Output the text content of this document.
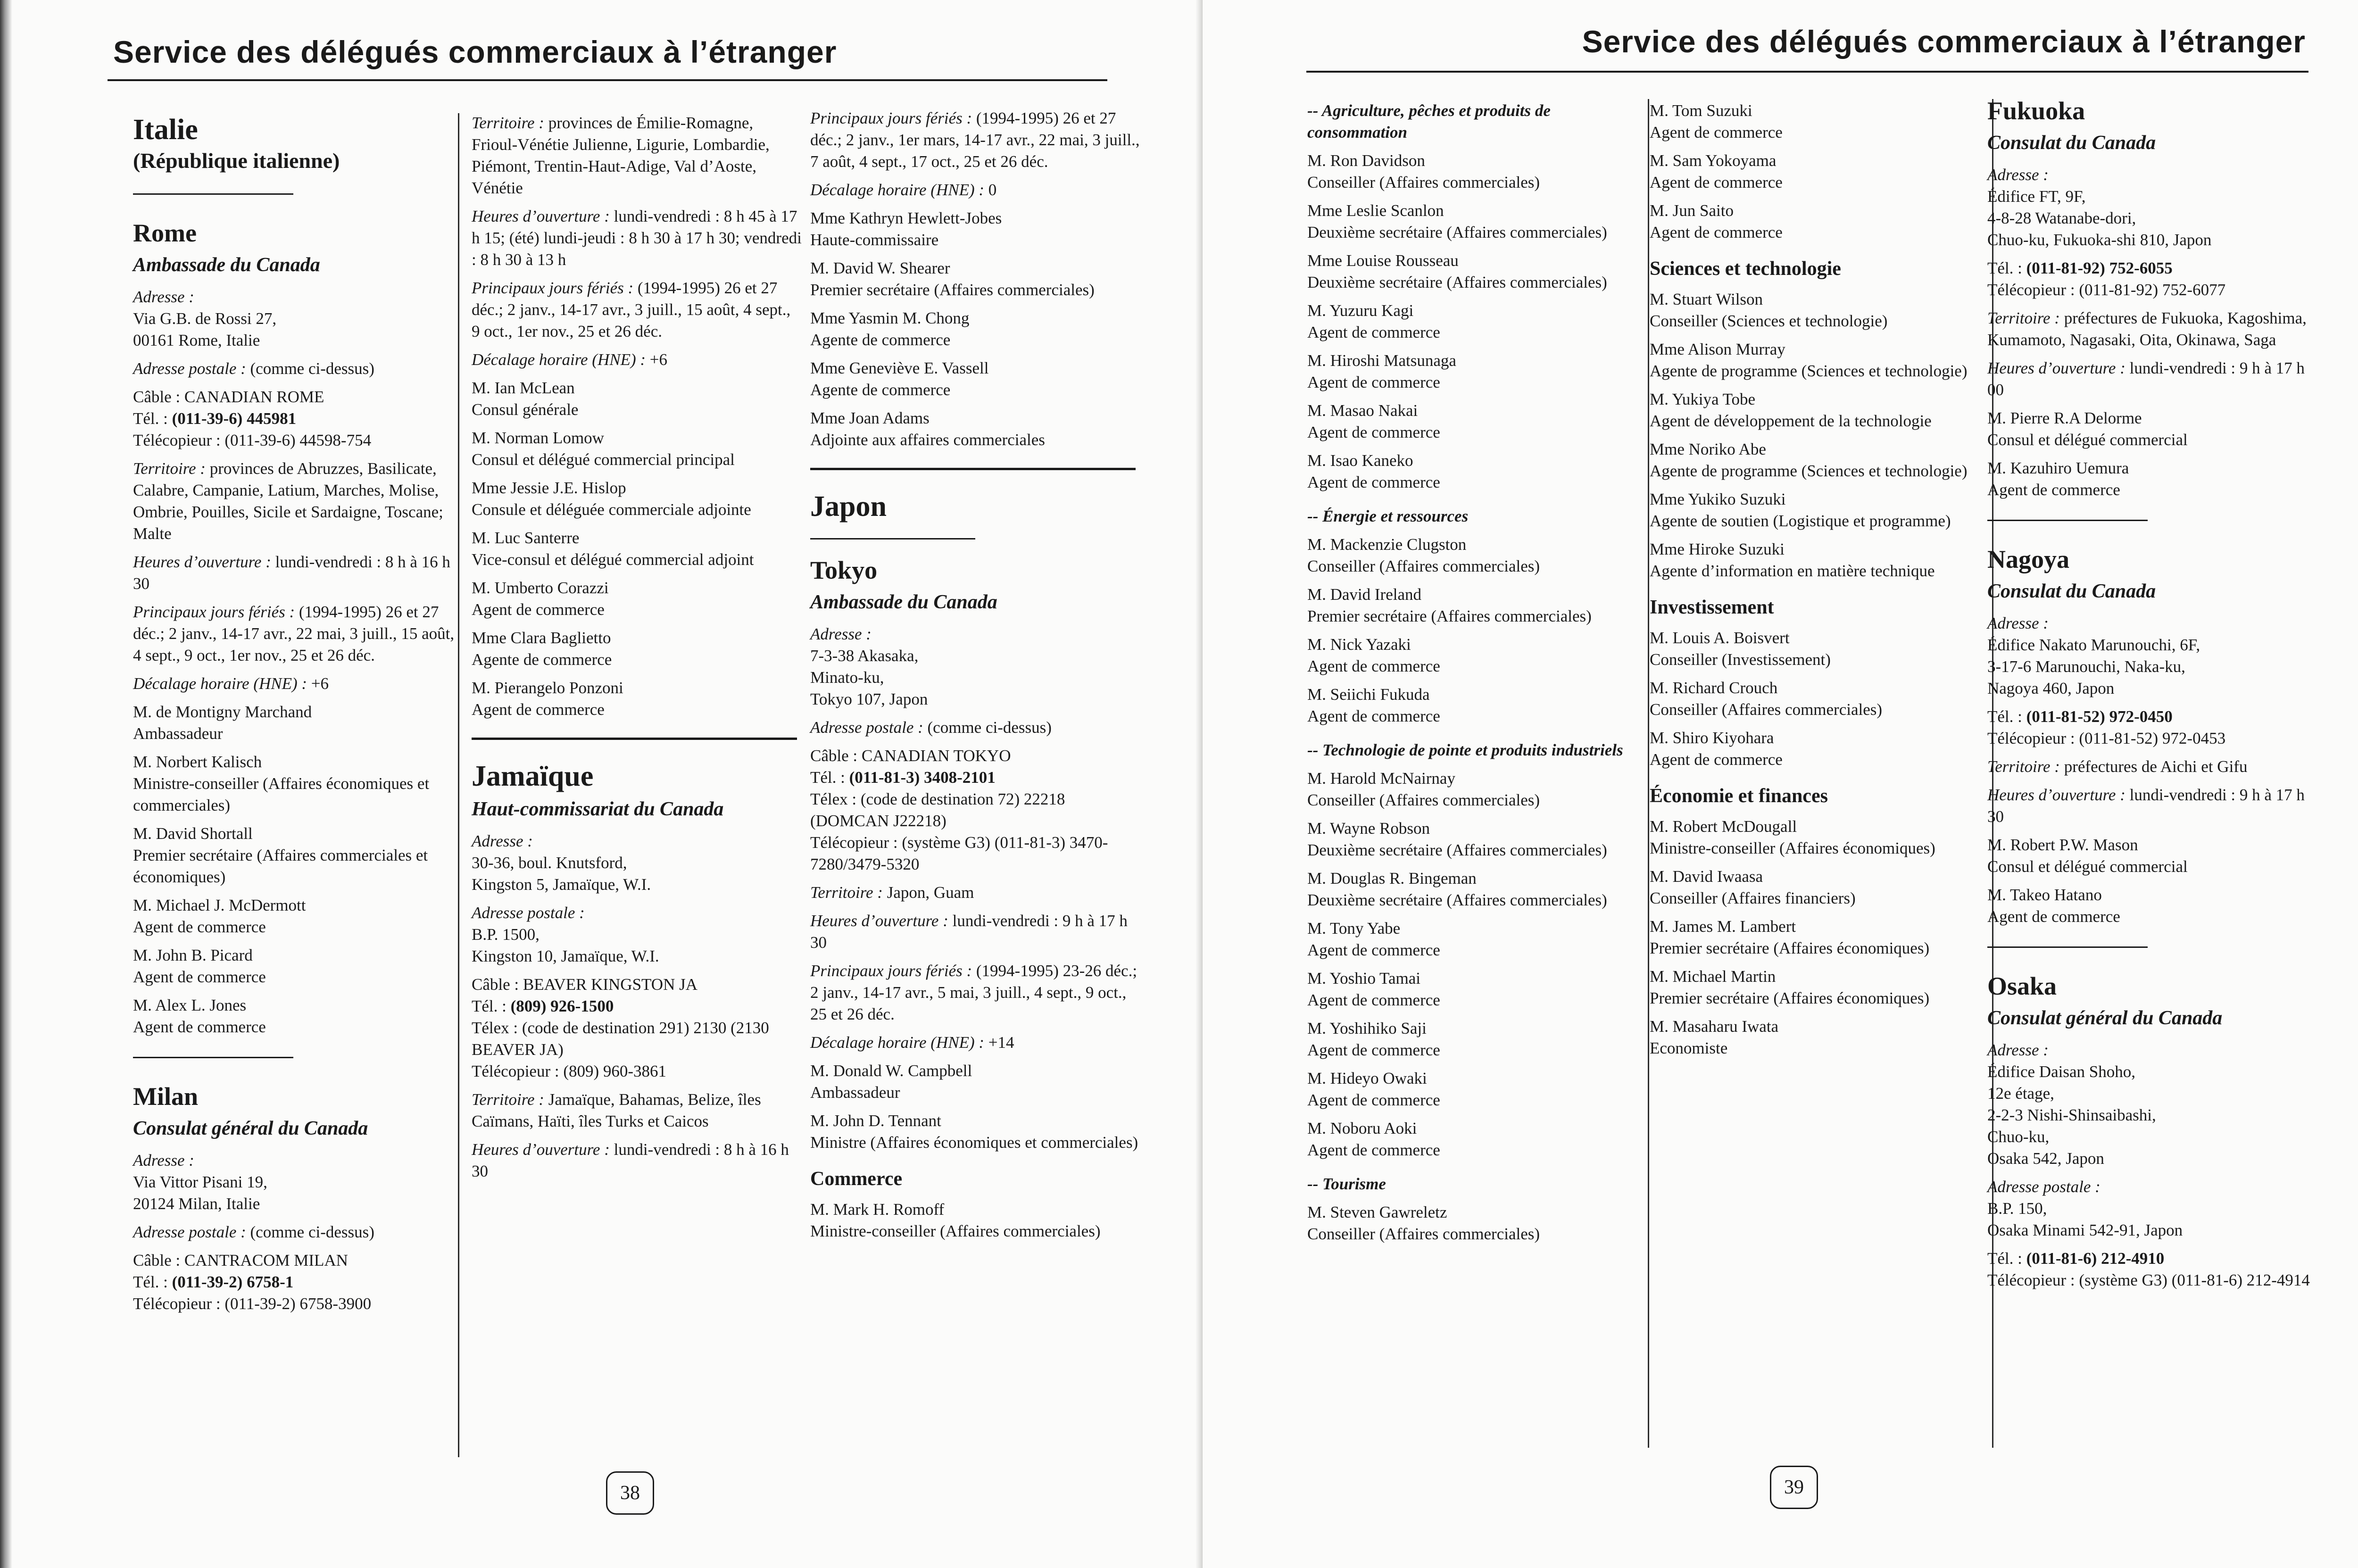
Service des délégués commerciaux à l’étranger
Italie
(République italienne)
Rome
Ambassade du Canada
Adresse :
Via G.B. de Rossi 27,
00161 Rome, Italie
Adresse postale : (comme ci-dessus)
Câble : CANADIAN ROME
Tél. : (011-39-6) 445981
Télécopieur : (011-39-6) 44598-754
Territoire : provinces de Abruzzes, Basilicate, Calabre, Campanie, Latium, Marches, Molise, Ombrie, Pouilles, Sicile et Sardaigne, Toscane; Malte
Heures d’ouverture : lundi-vendredi : 8 h à 16 h 30
Principaux jours fériés : (1994-1995) 26 et 27 déc.; 2 janv., 14-17 avr., 22 mai, 3 juill., 15 août, 4 sept., 9 oct., 1er nov., 25 et 26 déc.
Décalage horaire (HNE) : +6
M. de Montigny Marchand
Ambassadeur
M. Norbert Kalisch
Ministre-conseiller (Affaires économiques et commerciales)
M. David Shortall
Premier secrétaire (Affaires commerciales et économiques)
M. Michael J. McDermott
Agent de commerce
M. John B. Picard
Agent de commerce
M. Alex L. Jones
Agent de commerce
Milan
Consulat général du Canada
Adresse :
Via Vittor Pisani 19,
20124 Milan, Italie
Adresse postale : (comme ci-dessus)
Câble : CANTRACOM MILAN
Tél. : (011-39-2) 6758-1
Télécopieur : (011-39-2) 6758-3900
Territoire : provinces de Émilie-Romagne, Frioul-Vénétie Julienne, Ligurie, Lombardie, Piémont, Trentin-Haut-Adige, Val d’Aoste, Vénétie
Heures d’ouverture : lundi-vendredi : 8 h 45 à 17 h 15; (été) lundi-jeudi : 8 h 30 à 17 h 30; vendredi : 8 h 30 à 13 h
Principaux jours fériés : (1994-1995) 26 et 27 déc.; 2 janv., 14-17 avr., 3 juill., 15 août, 4 sept., 9 oct., 1er nov., 25 et 26 déc.
Décalage horaire (HNE) : +6
M. Ian McLean
Consul générale
M. Norman Lomow
Consul et délégué commercial principal
Mme Jessie J.E. Hislop
Consule et déléguée commerciale adjointe
M. Luc Santerre
Vice-consul et délégué commercial adjoint
M. Umberto Corazzi
Agent de commerce
Mme Clara Baglietto
Agente de commerce
M. Pierangelo Ponzoni
Agent de commerce
Jamaïque
Haut-commissariat du Canada
Adresse :
30-36, boul. Knutsford,
Kingston 5, Jamaïque, W.I.
Adresse postale :
B.P. 1500,
Kingston 10, Jamaïque, W.I.
Câble : BEAVER KINGSTON JA
Tél. : (809) 926-1500
Télex : (code de destination 291) 2130 (2130 BEAVER JA)
Télécopieur : (809) 960-3861
Territoire : Jamaïque, Bahamas, Belize, îles Caïmans, Haïti, îles Turks et Caicos
Heures d’ouverture : lundi-vendredi : 8 h à 16 h 30
Principaux jours fériés : (1994-1995) 26 et 27 déc.; 2 janv., 1er mars, 14-17 avr., 22 mai, 3 juill., 7 août, 4 sept., 17 oct., 25 et 26 déc.
Décalage horaire (HNE) : 0
Mme Kathryn Hewlett-Jobes
Haute-commissaire
M. David W. Shearer
Premier secrétaire (Affaires commerciales)
Mme Yasmin M. Chong
Agente de commerce
Mme Geneviève E. Vassell
Agente de commerce
Mme Joan Adams
Adjointe aux affaires commerciales
Japon
Tokyo
Ambassade du Canada
Adresse :
7-3-38 Akasaka,
Minato-ku,
Tokyo 107, Japon
Adresse postale : (comme ci-dessus)
Câble : CANADIAN TOKYO
Tél. : (011-81-3) 3408-2101
Télex : (code de destination 72) 22218 (DOMCAN J22218)
Télécopieur : (système G3) (011-81-3) 3470-7280/3479-5320
Territoire : Japon, Guam
Heures d’ouverture : lundi-vendredi : 9 h à 17 h 30
Principaux jours fériés : (1994-1995) 23-26 déc.; 2 janv., 14-17 avr., 5 mai, 3 juill., 4 sept., 9 oct., 25 et 26 déc.
Décalage horaire (HNE) : +14
M. Donald W. Campbell
Ambassadeur
M. John D. Tennant
Ministre (Affaires économiques et commerciales)
Commerce
M. Mark H. Romoff
Ministre-conseiller (Affaires commerciales)
38
Service des délégués commerciaux à l’étranger
-- Agriculture, pêches et produits de consommation
M. Ron Davidson
Conseiller (Affaires commerciales)
Mme Leslie Scanlon
Deuxième secrétaire (Affaires commerciales)
Mme Louise Rousseau
Deuxième secrétaire (Affaires commerciales)
M. Yuzuru Kagi
Agent de commerce
M. Hiroshi Matsunaga
Agent de commerce
M. Masao Nakai
Agent de commerce
M. Isao Kaneko
Agent de commerce
-- Énergie et ressources
M. Mackenzie Clugston
Conseiller (Affaires commerciales)
M. David Ireland
Premier secrétaire (Affaires commerciales)
M. Nick Yazaki
Agent de commerce
M. Seiichi Fukuda
Agent de commerce
-- Technologie de pointe et produits industriels
M. Harold McNairnay
Conseiller (Affaires commerciales)
M. Wayne Robson
Deuxième secrétaire (Affaires commerciales)
M. Douglas R. Bingeman
Deuxième secrétaire (Affaires commerciales)
M. Tony Yabe
Agent de commerce
M. Yoshio Tamai
Agent de commerce
M. Yoshihiko Saji
Agent de commerce
M. Hideyo Owaki
Agent de commerce
M. Noboru Aoki
Agent de commerce
-- Tourisme
M. Steven Gawreletz
Conseiller (Affaires commerciales)
M. Tom Suzuki
Agent de commerce
M. Sam Yokoyama
Agent de commerce
M. Jun Saito
Agent de commerce
Sciences et technologie
M. Stuart Wilson
Conseiller (Sciences et technologie)
Mme Alison Murray
Agente de programme (Sciences et technologie)
M. Yukiya Tobe
Agent de développement de la technologie
Mme Noriko Abe
Agente de programme (Sciences et technologie)
Mme Yukiko Suzuki
Agente de soutien (Logistique et programme)
Mme Hiroke Suzuki
Agente d’information en matière technique
Investissement
M. Louis A. Boisvert
Conseiller (Investissement)
M. Richard Crouch
Conseiller (Affaires commerciales)
M. Shiro Kiyohara
Agent de commerce
Économie et finances
M. Robert McDougall
Ministre-conseiller (Affaires économiques)
M. David Iwaasa
Conseiller (Affaires financiers)
M. James M. Lambert
Premier secrétaire (Affaires économiques)
M. Michael Martin
Premier secrétaire (Affaires économiques)
M. Masaharu Iwata
Economiste
Fukuoka
Consulat du Canada
Adresse :
Édifice FT, 9F,
4-8-28 Watanabe-dori,
Chuo-ku, Fukuoka-shi 810, Japon
Tél. : (011-81-92) 752-6055
Télécopieur : (011-81-92) 752-6077
Territoire : préfectures de Fukuoka, Kagoshima, Kumamoto, Nagasaki, Oita, Okinawa, Saga
Heures d’ouverture : lundi-vendredi : 9 h à 17 h 00
M. Pierre R.A Delorme
Consul et délégué commercial
M. Kazuhiro Uemura
Agent de commerce
Nagoya
Consulat du Canada
Adresse :
Édifice Nakato Marunouchi, 6F,
3-17-6 Marunouchi, Naka-ku,
Nagoya 460, Japon
Tél. : (011-81-52) 972-0450
Télécopieur : (011-81-52) 972-0453
Territoire : préfectures de Aichi et Gifu
Heures d’ouverture : lundi-vendredi : 9 h à 17 h 30
M. Robert P.W. Mason
Consul et délégué commercial
M. Takeo Hatano
Agent de commerce
Osaka
Consulat général du Canada
Adresse :
Édifice Daisan Shoho,
12e étage,
2-2-3 Nishi-Shinsaibashi,
Chuo-ku,
Osaka 542, Japon
Adresse postale :
B.P. 150,
Osaka Minami 542-91, Japon
Tél. : (011-81-6) 212-4910
Télécopieur : (système G3) (011-81-6) 212-4914
39
